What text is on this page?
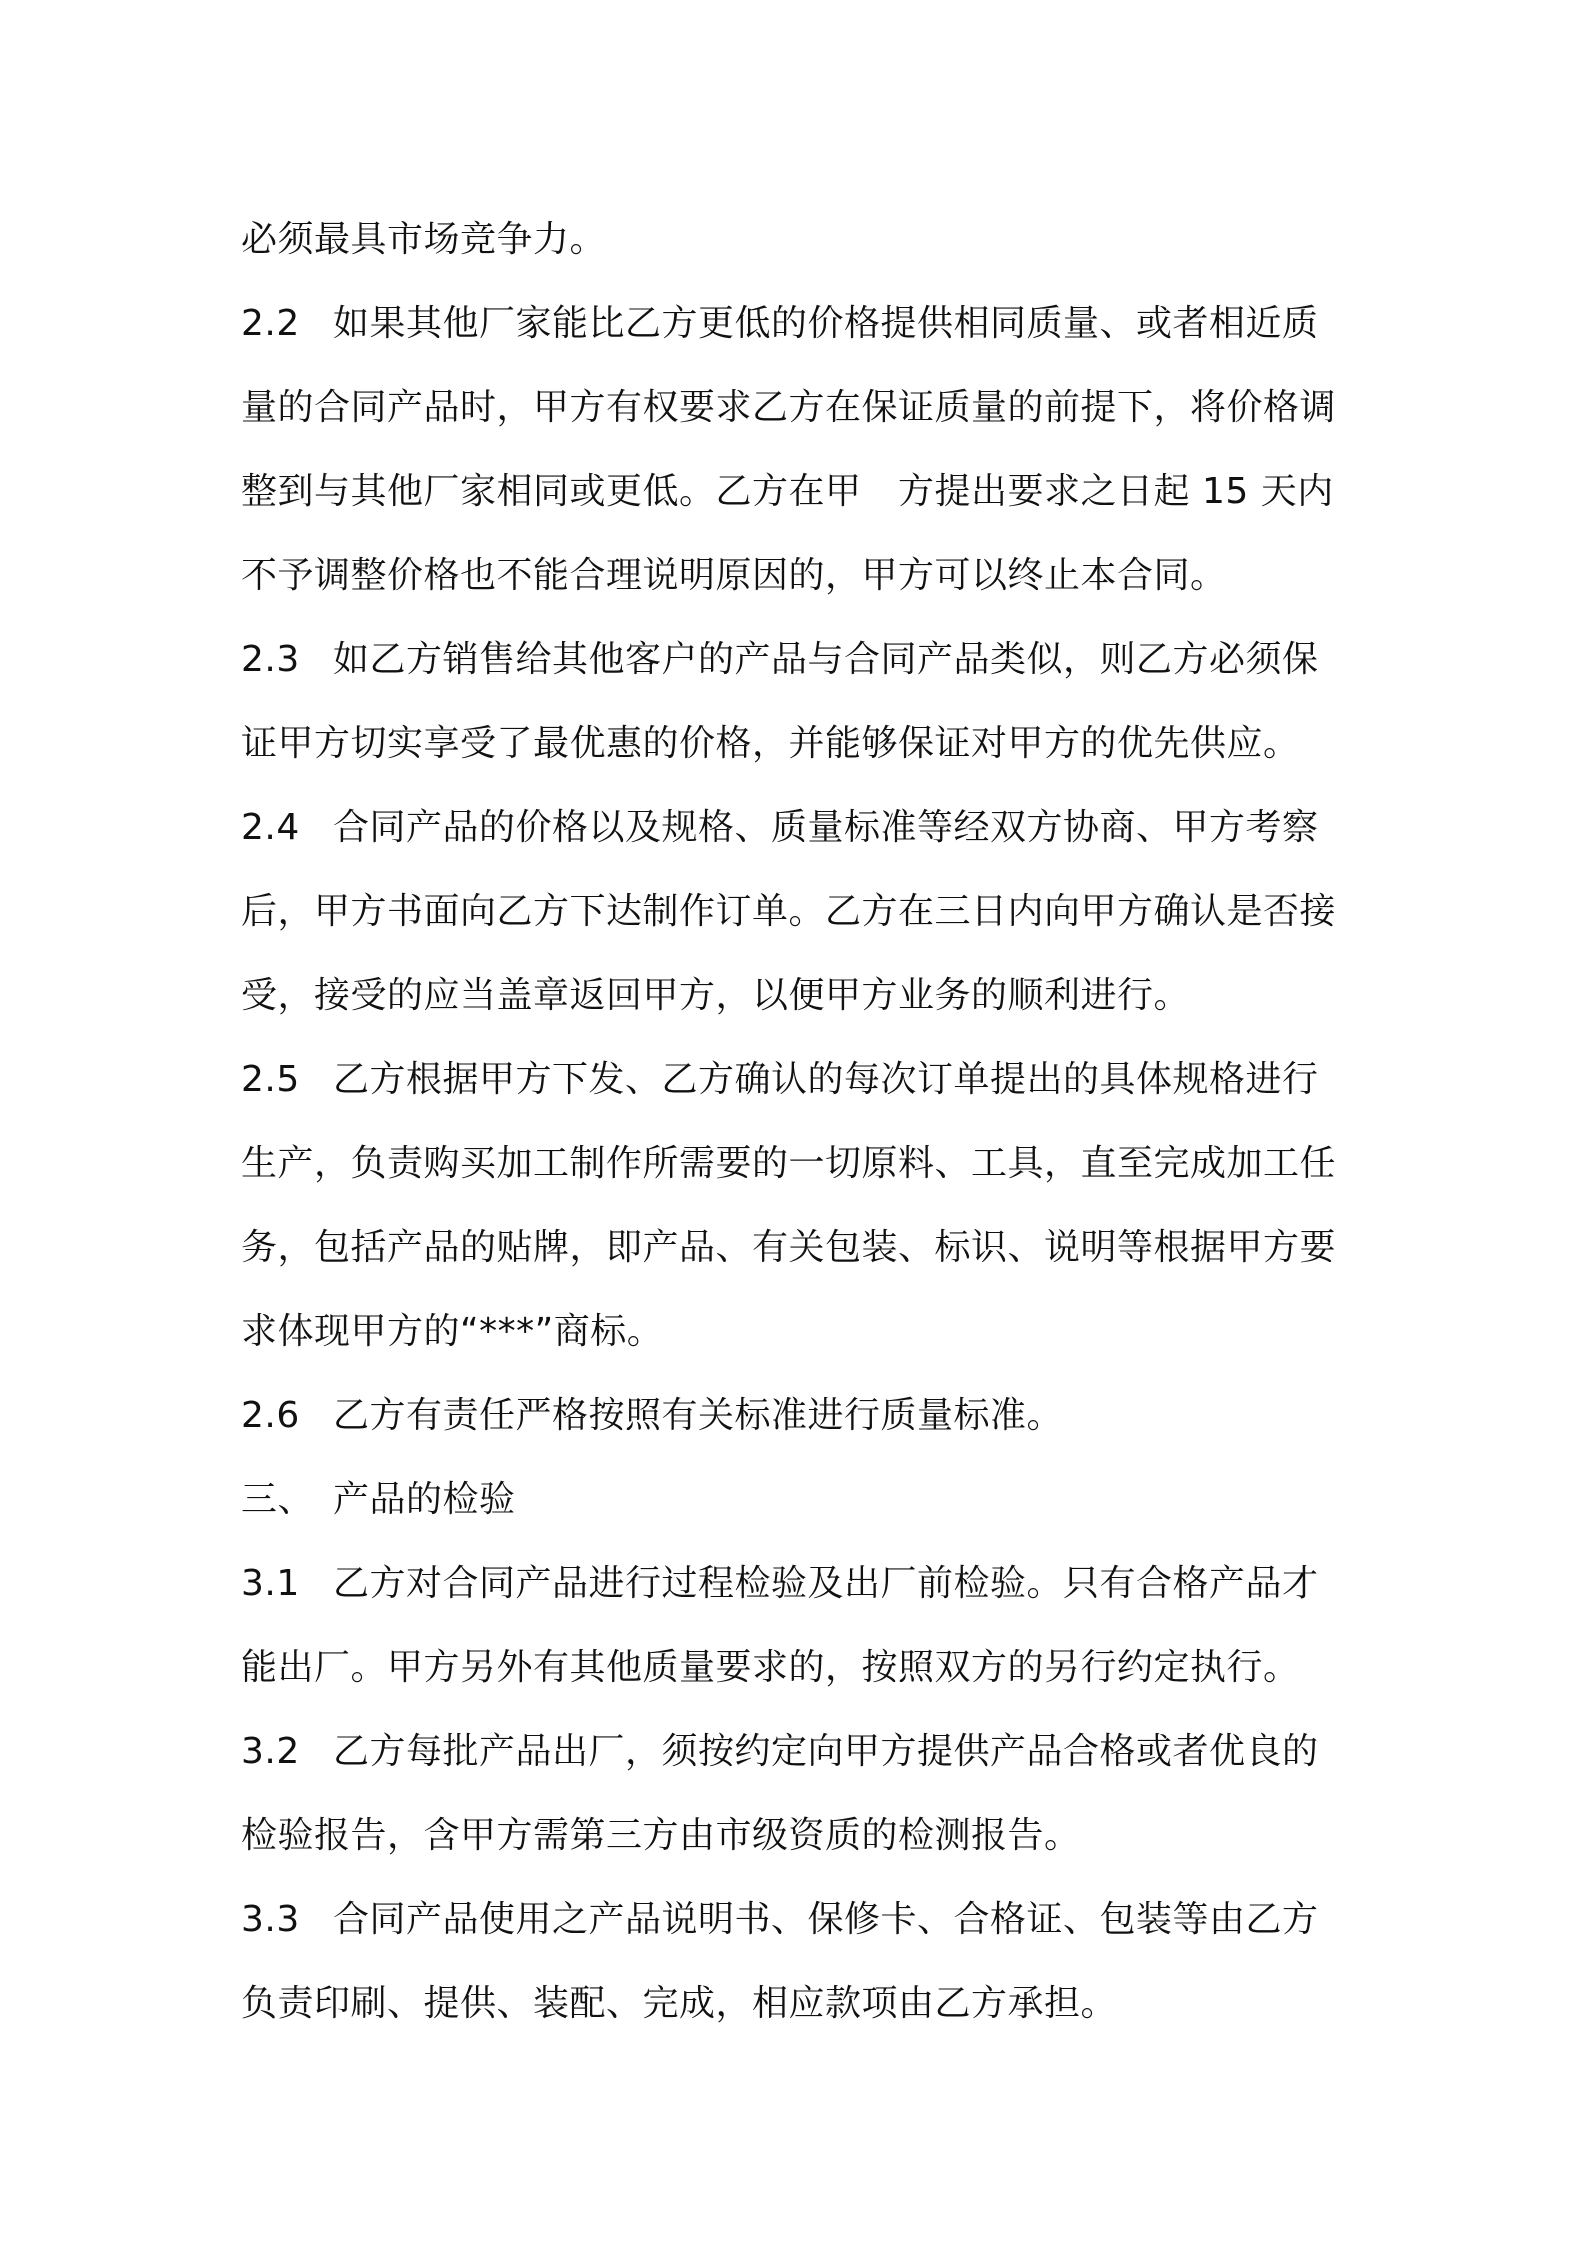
必须最具市场竞争力。
2.2 如果其他厂家能比乙方更低的价格提供相同质量、或者相近质
量的合同产品时，甲方有权要求乙方在保证质量的前提下，将价格调
整到与其他厂家相同或更低。乙方在甲　方提出要求之日起 15 天内
不予调整价格也不能合理说明原因的，甲方可以终止本合同。
2.3 如乙方销售给其他客户的产品与合同产品类似，则乙方必须保
证甲方切实享受了最优惠的价格，并能够保证对甲方的优先供应。
2.4 合同产品的价格以及规格、质量标准等经双方协商、甲方考察
后，甲方书面向乙方下达制作订单。乙方在三日内向甲方确认是否接
受，接受的应当盖章返回甲方，以便甲方业务的顺利进行。
2.5 乙方根据甲方下发、乙方确认的每次订单提出的具体规格进行
生产，负责购买加工制作所需要的一切原料、工具，直至完成加工任
务，包括产品的贴牌，即产品、有关包装、标识、说明等根据甲方要
求体现甲方的“***”商标。
2.6 乙方有责任严格按照有关标准进行质量标准。
三、 产品的检验
3.1 乙方对合同产品进行过程检验及出厂前检验。只有合格产品才
能出厂。甲方另外有其他质量要求的，按照双方的另行约定执行。
3.2 乙方每批产品出厂，须按约定向甲方提供产品合格或者优良的
检验报告，含甲方需第三方由市级资质的检测报告。
3.3 合同产品使用之产品说明书、保修卡、合格证、包装等由乙方
负责印刷、提供、装配、完成，相应款项由乙方承担。
